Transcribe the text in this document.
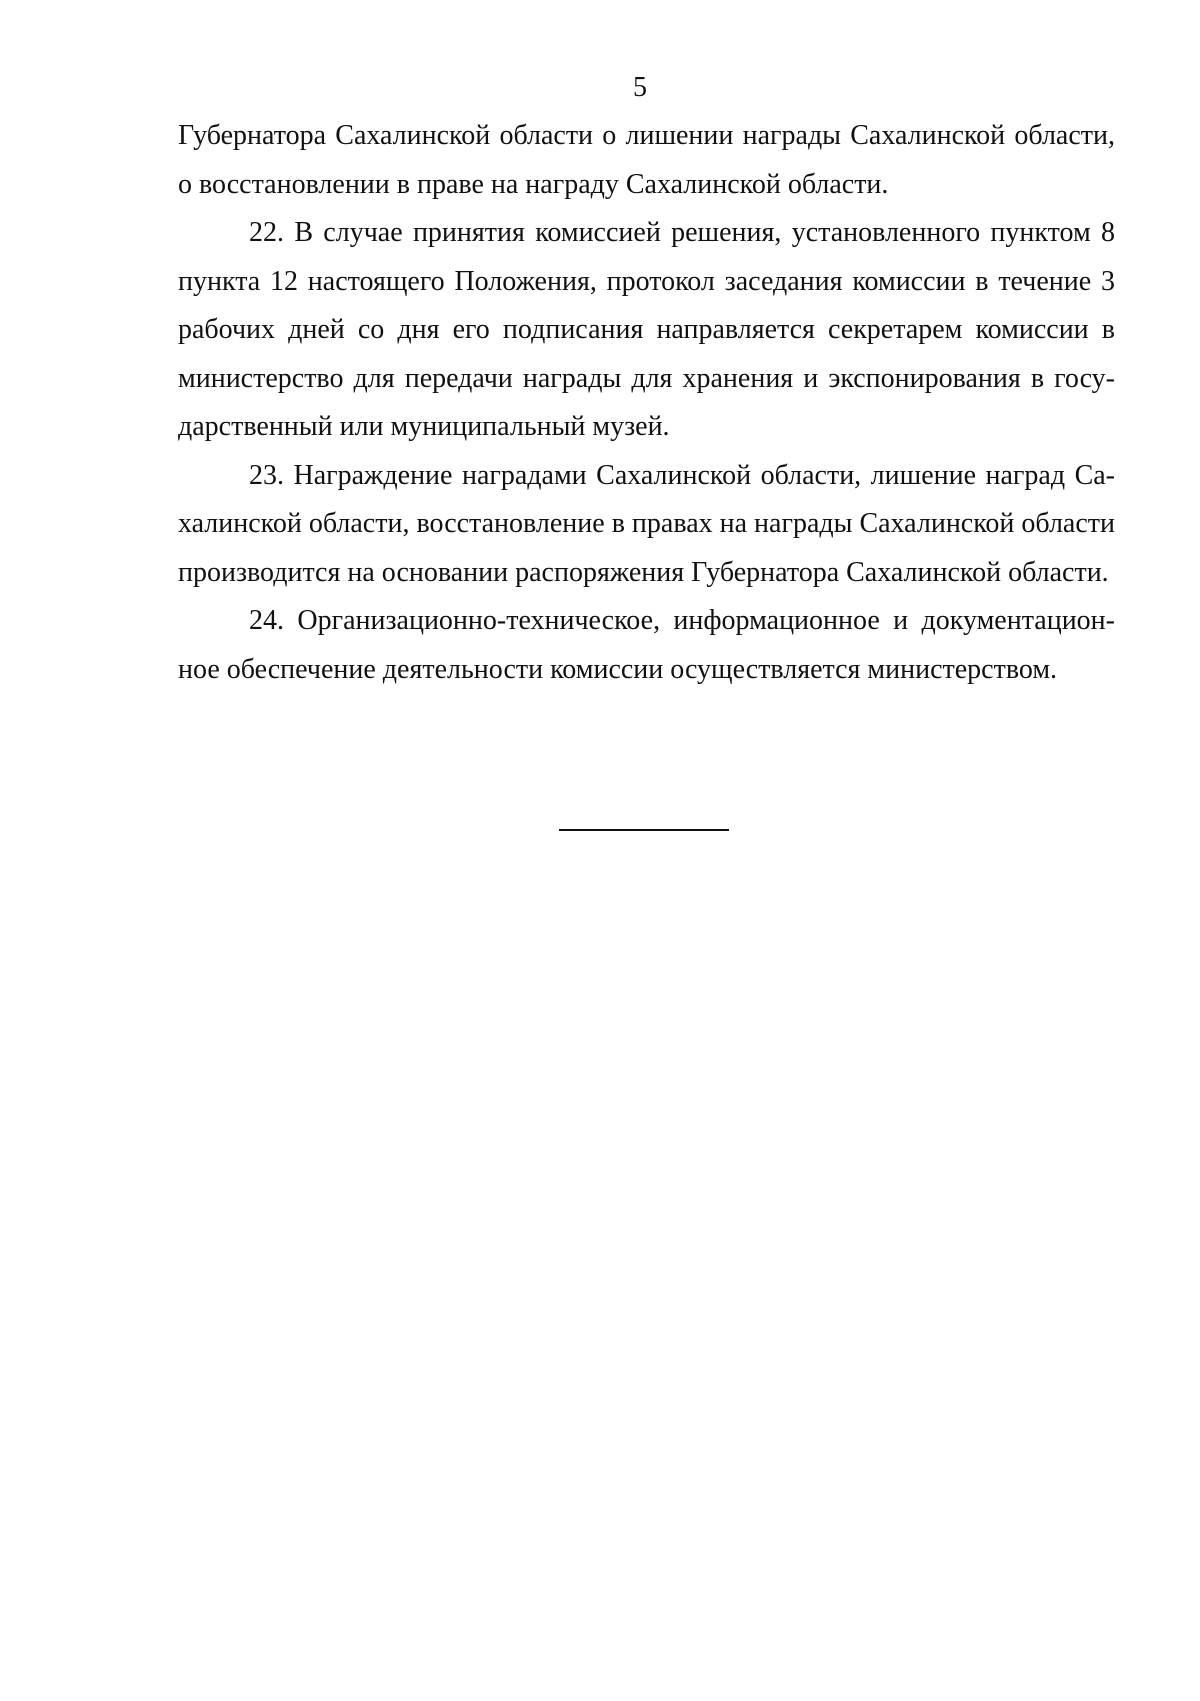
5

Губернатора Сахалинской области о лишении награды Сахалинской области, о восстановлении в праве на награду Сахалинской области.

22. В случае принятия комиссией решения, установленного пунктом 8 пункта 12 настоящего Положения, протокол заседания комиссии в течение 3 рабочих дней со дня его подписания направляется секретарем комиссии в министерство для передачи награды для хранения и экспонирования в государственный или муниципальный музей.

23. Награждение наградами Сахалинской области, лишение наград Сахалинской области, восстановление в правах на награды Сахалинской области производится на основании распоряжения Губернатора Сахалинской области.

24. Организационно-техническое, информационное и документационное обеспечение деятельности комиссии осуществляется министерством.
